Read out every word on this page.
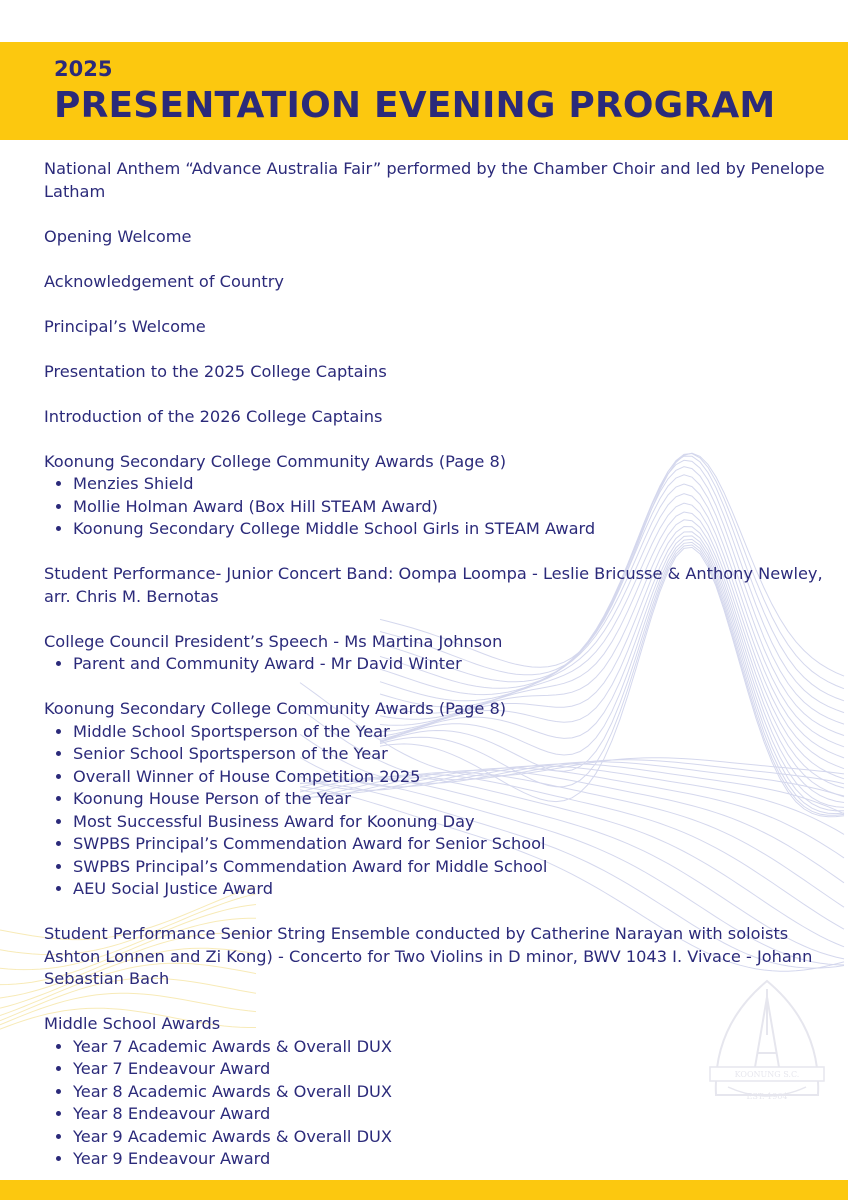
KOONUNG S.C.
EST. 1964
2025
PRESENTATION EVENING PROGRAM

National Anthem “Advance Australia Fair” performed by the Chamber Choir and led by Penelope Latham

Opening Welcome

Acknowledgement of Country

Principal’s Welcome

Presentation to the 2025 College Captains

Introduction of the 2026 College Captains

Koonung Secondary College Community Awards (Page 8)

• Menzies Shield
• Mollie Holman Award (Box Hill STEAM Award)
• Koonung Secondary College Middle School Girls in STEAM Award

Student Performance- Junior Concert Band: Oompa Loompa - Leslie Bricusse & Anthony Newley, arr. Chris M. Bernotas

College Council President’s Speech - Ms Martina Johnson

• Parent and Community Award - Mr David Winter

Koonung Secondary College Community Awards (Page 8)

• Middle School Sportsperson of the Year
• Senior School Sportsperson of the Year
• Overall Winner of House Competition 2025
• Koonung House Person of the Year
• Most Successful Business Award for Koonung Day
• SWPBS Principal’s Commendation Award for Senior School
• SWPBS Principal’s Commendation Award for Middle School
• AEU Social Justice Award

Student Performance Senior String Ensemble conducted by Catherine Narayan with soloists Ashton Lonnen and Zi Kong) - Concerto for Two Violins in D minor, BWV 1043 I. Vivace - Johann Sebastian Bach

Middle School Awards

• Year 7 Academic Awards & Overall DUX
• Year 7 Endeavour Award
• Year 8 Academic Awards & Overall DUX
• Year 8 Endeavour Award
• Year 9 Academic Awards & Overall DUX
• Year 9 Endeavour Award
